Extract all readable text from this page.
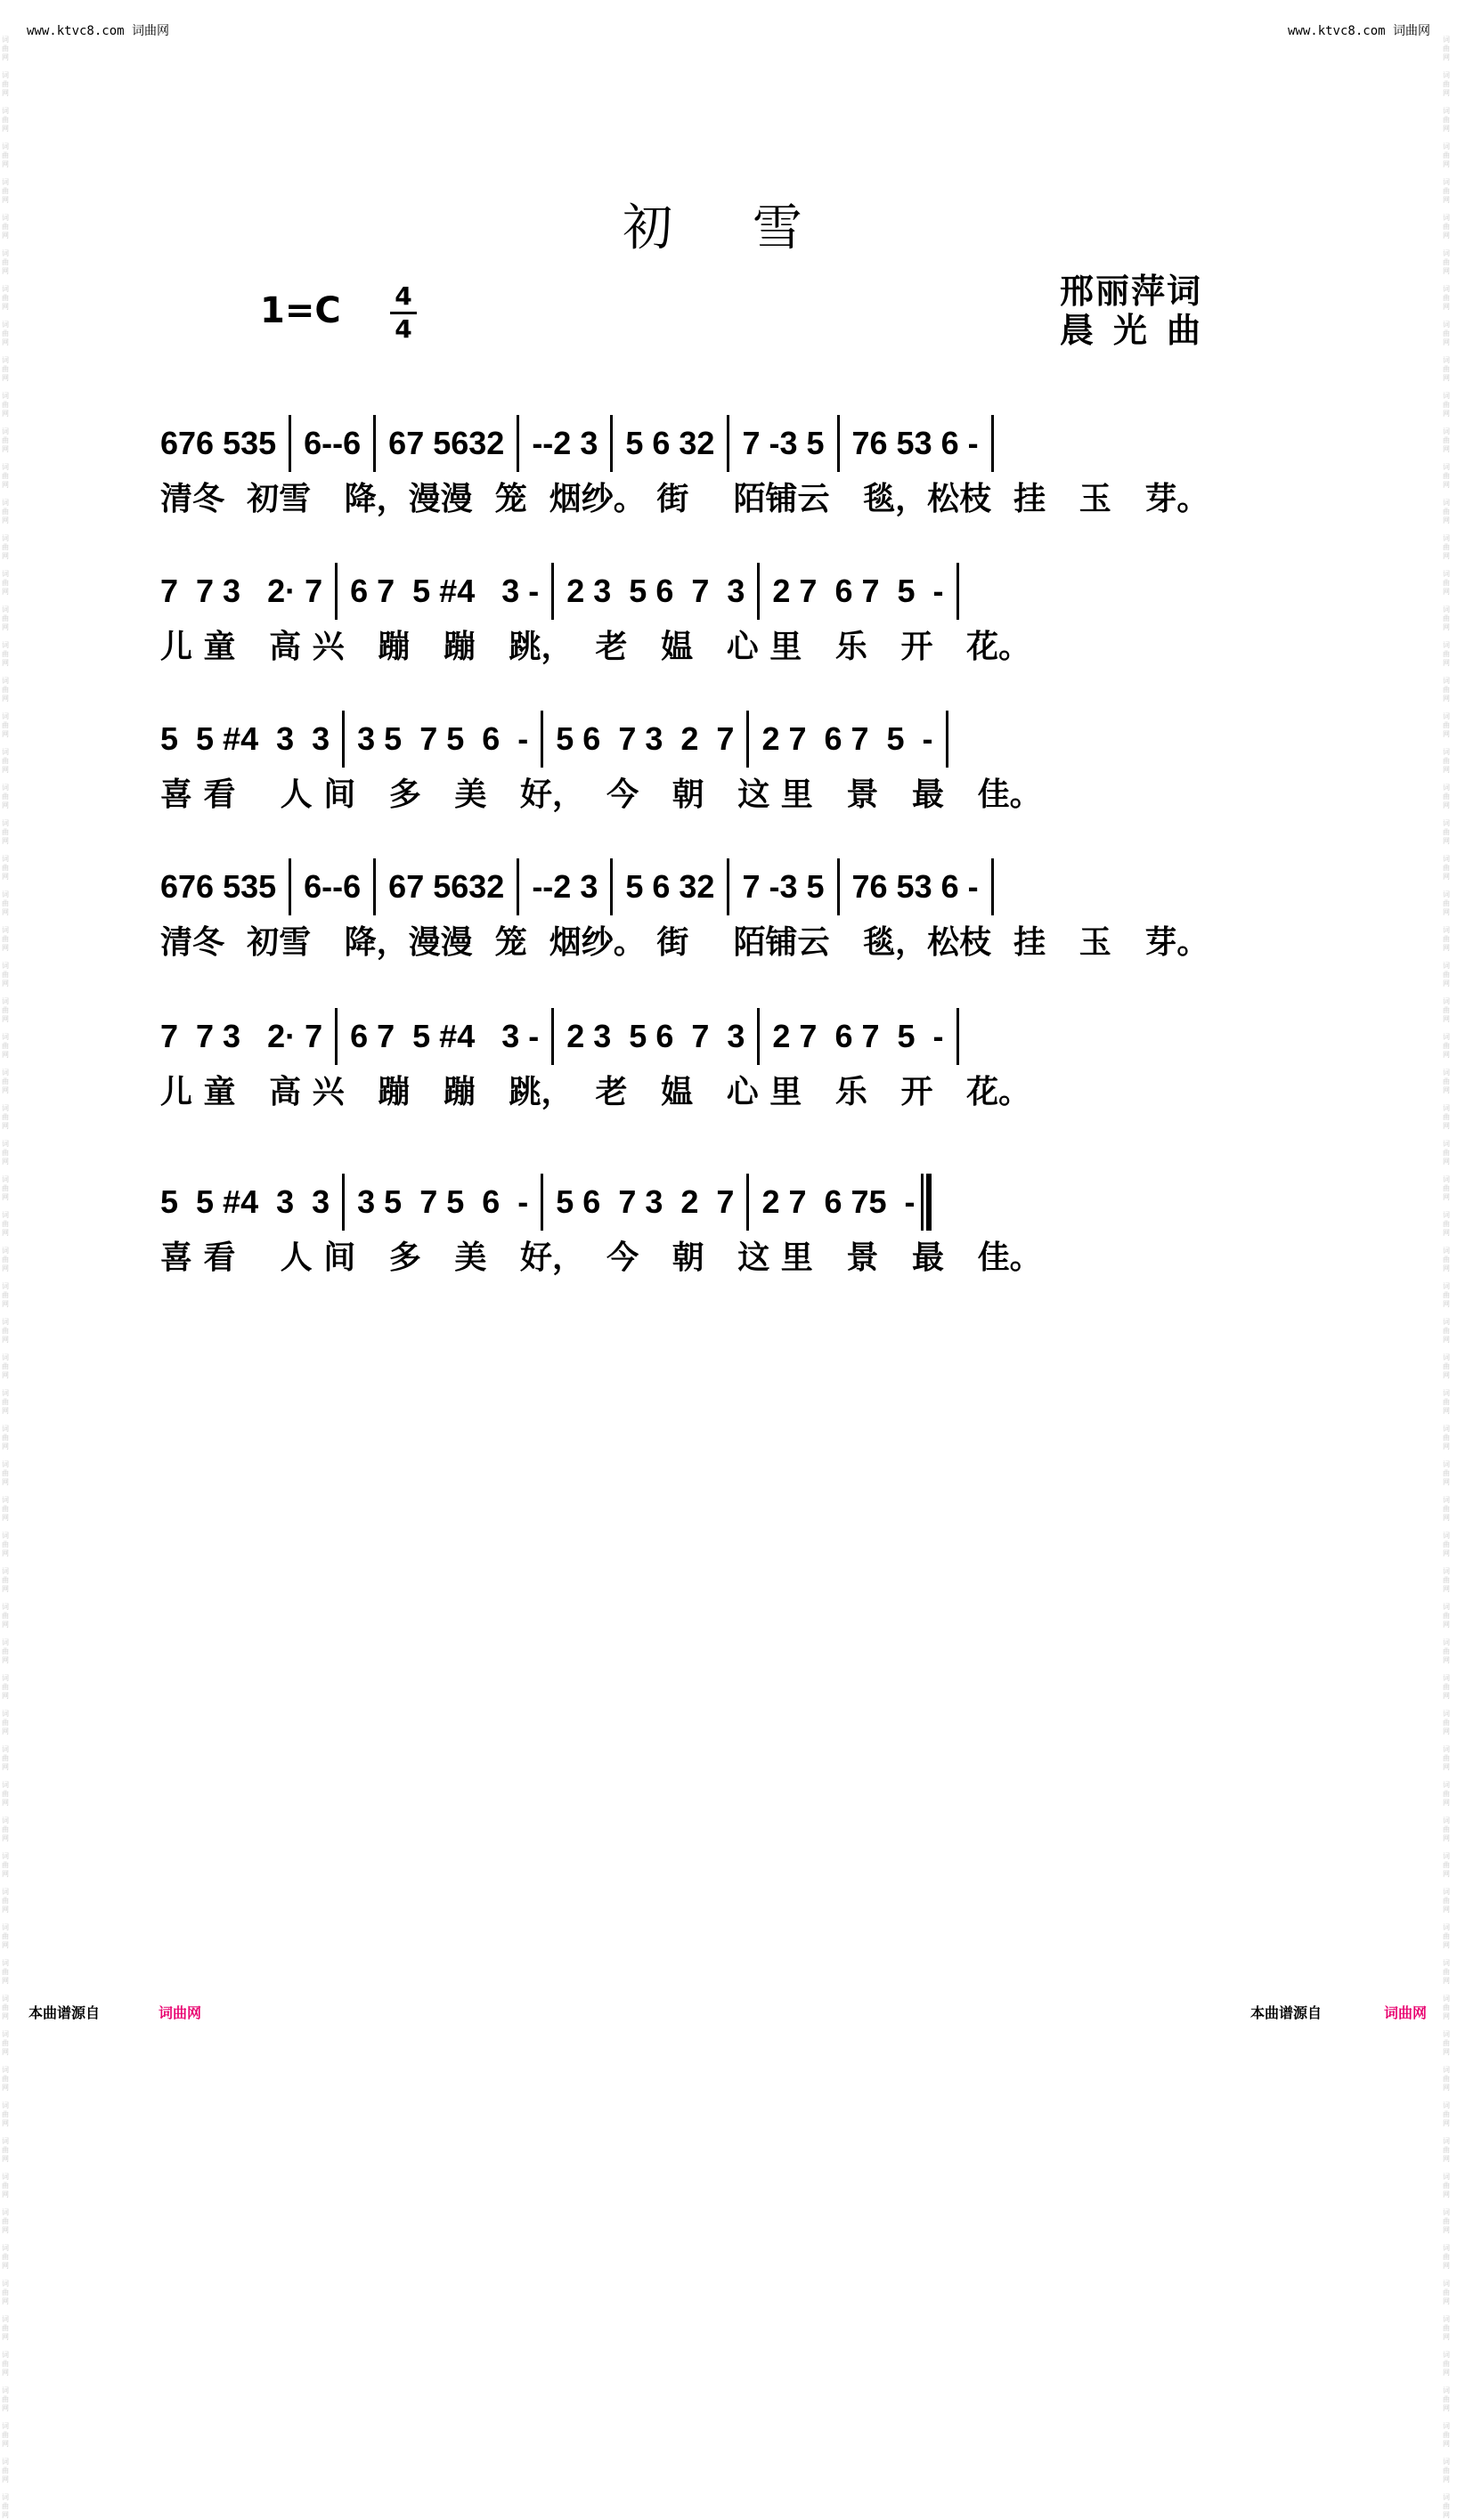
词
曲
网

词
曲
网

词
曲
网

词
曲
网

词
曲
网

词
曲
网

词
曲
网

词
曲
网

词
曲
网

词
曲
网

词
曲
网

词
曲
网

词
曲
网

词
曲
网

词
曲
网

词
曲
网

词
曲
网

词
曲
网

词
曲
网

词
曲
网

词
曲
网

词
曲
网

词
曲
网

词
曲
网

词
曲
网

词
曲
网

词
曲
网

词
曲
网

词
曲
网

词
曲
网

词
曲
网

词
曲
网

词
曲
网

词
曲
网

词
曲
网

词
曲
网

词
曲
网

词
曲
网

词
曲
网

词
曲
网

词
曲
网

词
曲
网

词
曲
网

词
曲
网

词
曲
网

词
曲
网

词
曲
网

词
曲
网

词
曲
网

词
曲
网

词
曲
网

词
曲
网

词
曲
网

词
曲
网

词
曲
网

词
曲
网

词
曲
网

词
曲
网

词
曲
网

词
曲
网

词
曲
网

词
曲
网

词
曲
网

词
曲
网

词
曲
网

词
曲
网

词
曲
网

词
曲
网

词
曲
网

词
曲
网
词
曲
网

词
曲
网

词
曲
网

词
曲
网

词
曲
网

词
曲
网

词
曲
网

词
曲
网

词
曲
网

词
曲
网

词
曲
网

词
曲
网

词
曲
网

词
曲
网

词
曲
网

词
曲
网

词
曲
网

词
曲
网

词
曲
网

词
曲
网

词
曲
网

词
曲
网

词
曲
网

词
曲
网

词
曲
网

词
曲
网

词
曲
网

词
曲
网

词
曲
网

词
曲
网

词
曲
网

词
曲
网

词
曲
网

词
曲
网

词
曲
网

词
曲
网

词
曲
网

词
曲
网

词
曲
网

词
曲
网

词
曲
网

词
曲
网

词
曲
网

词
曲
网

词
曲
网

词
曲
网

词
曲
网

词
曲
网

词
曲
网

词
曲
网

词
曲
网

词
曲
网

词
曲
网

词
曲
网

词
曲
网

词
曲
网

词
曲
网

词
曲
网

词
曲
网

词
曲
网

词
曲
网

词
曲
网

词
曲
网

词
曲
网

词
曲
网

词
曲
网

词
曲
网

词
曲
网

词
曲
网

词
曲
网
www.ktvc8.com 词曲网	www.ktvc8.com 词曲网
初 雪
1=C 4
4
邢丽萍词
晨光曲
676 535 6--6 67 5632 --2 3 5 6 32 7 -3 5 76 53 6 -
清冬  初雪   降，漫漫  笼  烟纱。 街    陌铺云   毯，松枝  挂   玉   芽。
7  7 3   2· 7 6 7  5 #4   3 - 2 3  5 6  7  3 2 7  6 7  5  -
儿 童   高 兴   蹦   蹦   跳，  老   媪   心 里   乐   开   花。
5  5 #4  3  3 3 5  7 5  6  - 5 6  7 3  2  7 2 7  6 7  5  -
喜 看    人 间   多   美   好，  今   朝   这 里   景   最   佳。
676 535 6--6 67 5632 --2 3 5 6 32 7 -3 5 76 53 6 -
清冬  初雪   降，漫漫  笼  烟纱。 街    陌铺云   毯，松枝  挂   玉   芽。
7  7 3   2· 7 6 7  5 #4   3 - 2 3  5 6  7  3 2 7  6 7  5  -
儿 童   高 兴   蹦   蹦   跳，  老   媪   心 里   乐   开   花。
5  5 #4  3  3 3 5  7 5  6  - 5 6  7 3  2  7 2 7  6 75  -
喜 看    人 间   多   美   好，  今   朝   这 里   景   最   佳。
本曲谱源自	词曲网	本曲谱源自	词曲网
